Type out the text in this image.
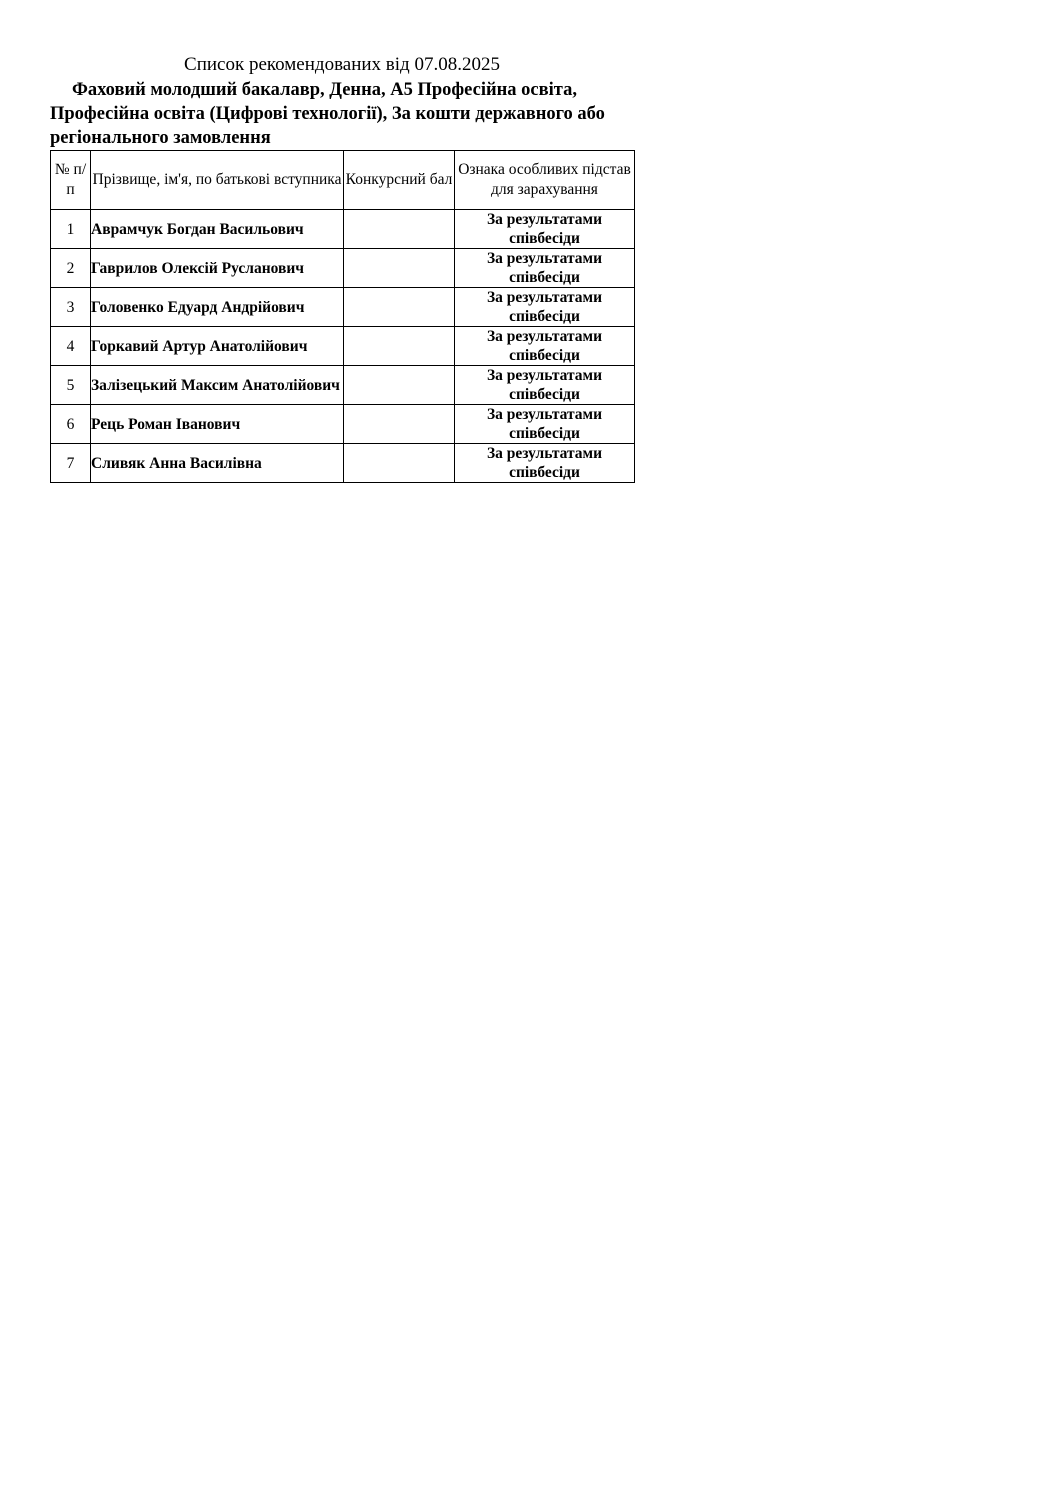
Список рекомендованих від 07.08.2025
Фаховий молодший бакалавр, Денна, А5 Професійна освіта, Професійна освіта (Цифрові технології), За кошти державного або регіонального замовлення
№ п/п	Прізвище, ім'я, по батькові вступника	Конкурсний бал	Ознака особливих підстав для зарахування
1	Аврамчук Богдан Васильович		За результатами співбесіди
2	Гаврилов Олексій Русланович		За результатами співбесіди
3	Головенко Едуард Андрійович		За результатами співбесіди
4	Горкавий Артур Анатолійович		За результатами співбесіди
5	Залізецький Максим Анатолійович		За результатами співбесіди
6	Рець Роман Іванович		За результатами співбесіди
7	Сливяк Анна Василівна		За результатами співбесіди
